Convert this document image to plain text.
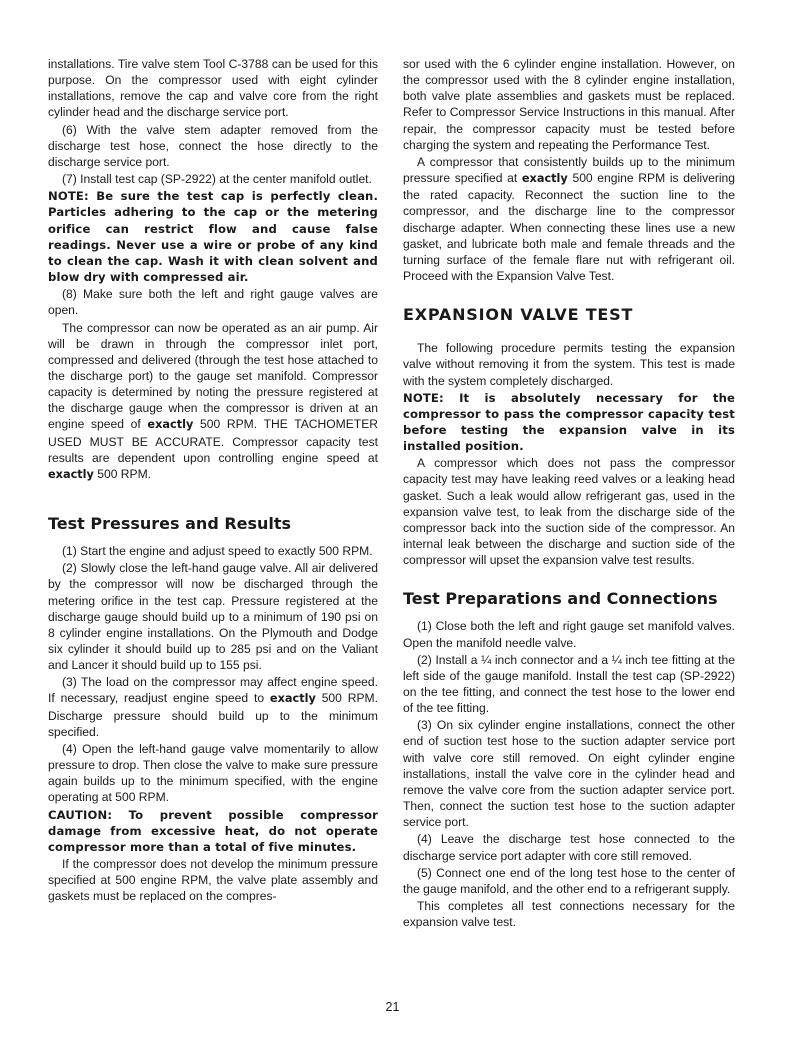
installations. Tire valve stem Tool C-3788 can be used for this purpose. On the compressor used with eight cylinder installations, remove the cap and valve core from the right cylinder head and the discharge service port.

(6) With the valve stem adapter removed from the discharge test hose, connect the hose directly to the discharge service port.

(7) Install test cap (SP-2922) at the center manifold outlet.

NOTE: Be sure the test cap is perfectly clean. Particles adhering to the cap or the metering orifice can restrict flow and cause false readings. Never use a wire or probe of any kind to clean the cap. Wash it with clean solvent and blow dry with compressed air.

(8) Make sure both the left and right gauge valves are open.

The compressor can now be operated as an air pump. Air will be drawn in through the compressor inlet port, compressed and delivered (through the test hose attached to the discharge port) to the gauge set manifold. Compressor capacity is determined by noting the pressure registered at the discharge gauge when the compressor is driven at an engine speed of exactly 500 RPM. THE TACHOMETER USED MUST BE ACCURATE. Compressor capacity test results are dependent upon controlling engine speed at exactly 500 RPM.

Test Pressures and Results

(1) Start the engine and adjust speed to exactly 500 RPM.

(2) Slowly close the left-hand gauge valve. All air delivered by the compressor will now be discharged through the metering orifice in the test cap. Pressure registered at the discharge gauge should build up to a minimum of 190 psi on 8 cylinder engine installations. On the Plymouth and Dodge six cylinder it should build up to 285 psi and on the Valiant and Lancer it should build up to 155 psi.

(3) The load on the compressor may affect engine speed. If necessary, readjust engine speed to exactly 500 RPM. Discharge pressure should build up to the minimum specified.

(4) Open the left-hand gauge valve momentarily to allow pressure to drop. Then close the valve to make sure pressure again builds up to the minimum specified, with the engine operating at 500 RPM.

CAUTION: To prevent possible compressor damage from excessive heat, do not operate compressor more than a total of five minutes.

If the compressor does not develop the minimum pressure specified at 500 engine RPM, the valve plate assembly and gaskets must be replaced on the compres-

sor used with the 6 cylinder engine installation. However, on the compressor used with the 8 cylinder engine installation, both valve plate assemblies and gaskets must be replaced. Refer to Compressor Service Instructions in this manual. After repair, the compressor capacity must be tested before charging the system and repeating the Performance Test.

A compressor that consistently builds up to the minimum pressure specified at exactly 500 engine RPM is delivering the rated capacity. Reconnect the suction line to the compressor, and the discharge line to the compressor discharge adapter. When connecting these lines use a new gasket, and lubricate both male and female threads and the turning surface of the female flare nut with refrigerant oil. Proceed with the Expansion Valve Test.

EXPANSION VALVE TEST

The following procedure permits testing the expansion valve without removing it from the system. This test is made with the system completely discharged.

NOTE: It is absolutely necessary for the compressor to pass the compressor capacity test before testing the expansion valve in its installed position.

A compressor which does not pass the compressor capacity test may have leaking reed valves or a leaking head gasket. Such a leak would allow refrigerant gas, used in the expansion valve test, to leak from the discharge side of the compressor back into the suction side of the compressor. An internal leak between the discharge and suction side of the compressor will upset the expansion valve test results.

Test Preparations and Connections

(1) Close both the left and right gauge set manifold valves. Open the manifold needle valve.

(2) Install a ¼ inch connector and a ¼ inch tee fitting at the left side of the gauge manifold. Install the test cap (SP-2922) on the tee fitting, and connect the test hose to the lower end of the tee fitting.

(3) On six cylinder engine installations, connect the other end of suction test hose to the suction adapter service port with valve core still removed. On eight cylinder engine installations, install the valve core in the cylinder head and remove the valve core from the suction adapter service port. Then, connect the suction test hose to the suction adapter service port.

(4) Leave the discharge test hose connected to the discharge service port adapter with core still removed.

(5) Connect one end of the long test hose to the center of the gauge manifold, and the other end to a refrigerant supply.

This completes all test connections necessary for the expansion valve test.

21
